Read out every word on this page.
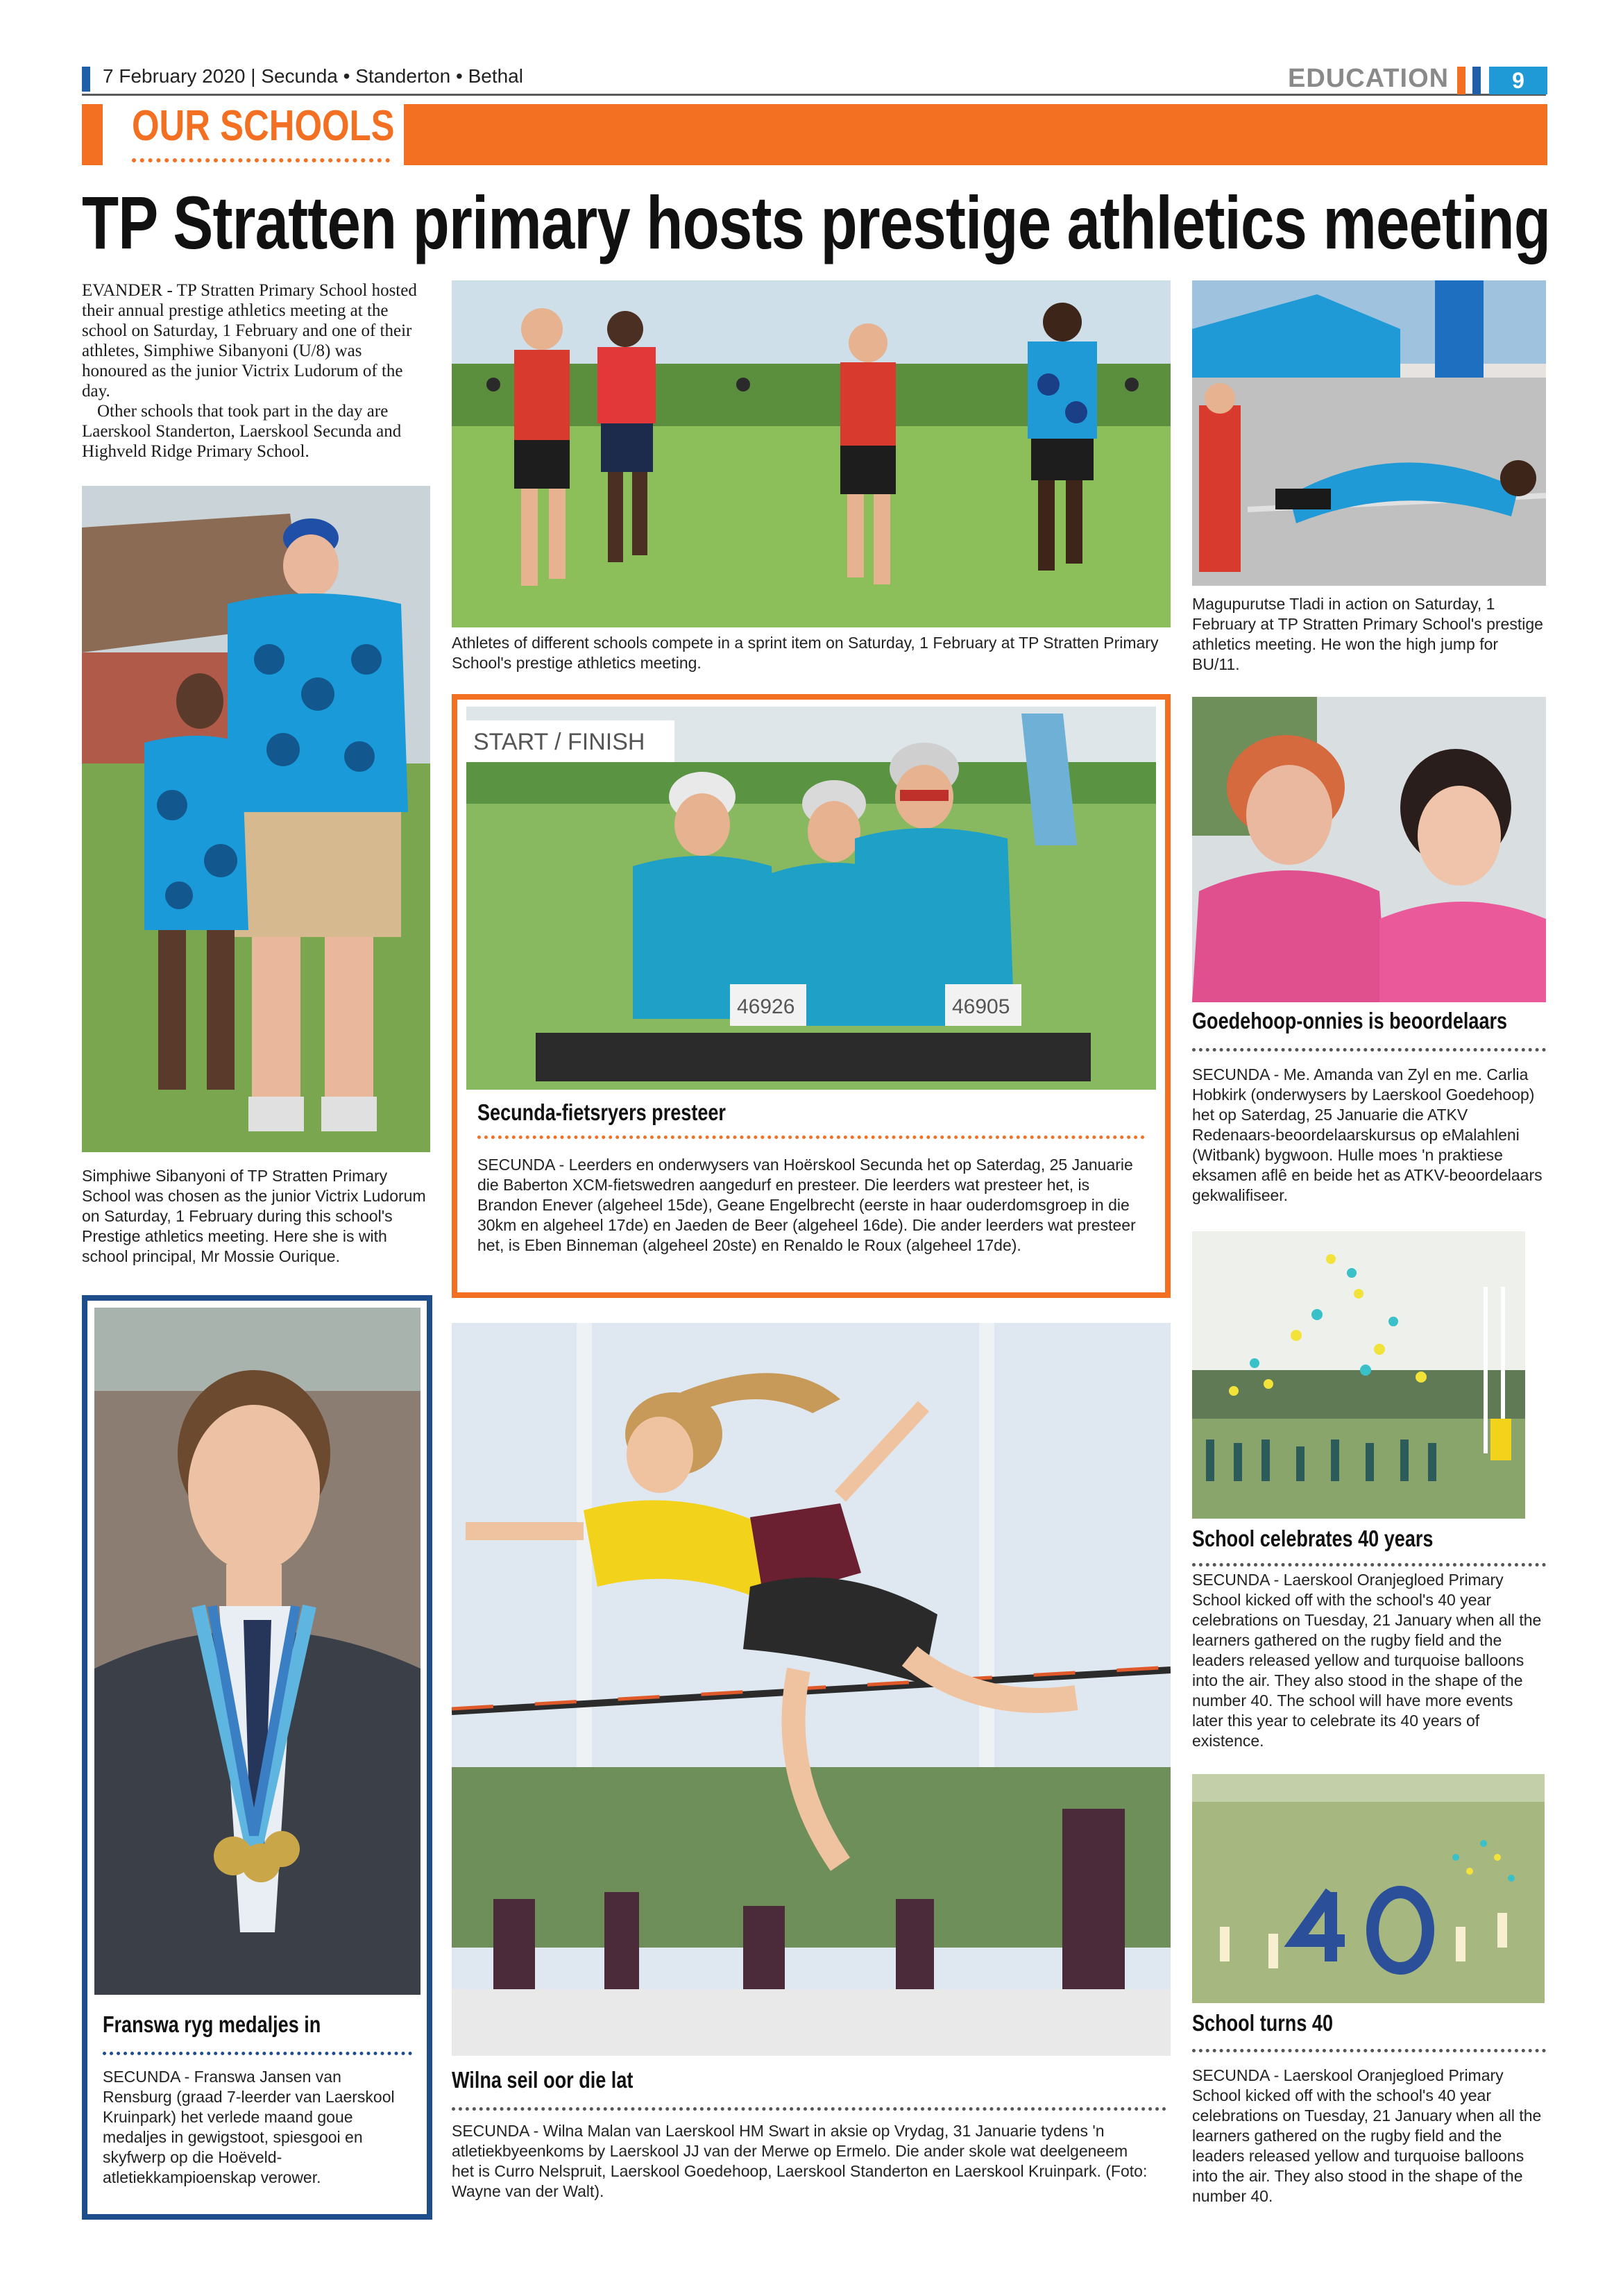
7 February 2020 | Secunda • Standerton • Bethal	EDUCATION	9
OUR SCHOOLS
TP Stratten primary hosts prestige athletics meeting

EVANDER - TP Stratten Primary School hosted their annual prestige athletics meeting at the school on Saturday, 1 February and one of their athletes, Simphiwe Sibanyoni (U/8) was honoured as the junior Victrix Ludorum of the day.

Other schools that took part in the day are Laerskool Standerton, Laerskool Secunda and Highveld Ridge Primary School.

Simphiwe Sibanyoni of TP Stratten Primary School was chosen as the junior Victrix Ludorum on Saturday, 1 February during this school's Prestige athletics meeting. Here she is with school principal, Mr Mossie Ourique.
Athletes of different schools compete in a sprint item on Saturday, 1 February at TP Stratten Primary School's prestige athletics meeting.
Magupurutse Tladi in action on Saturday, 1 February at TP Stratten Primary School's prestige athletics meeting. He won the high jump for BU/11.
START / FINISH
46926	46905
Secunda-fietsryers presteer
SECUNDA - Leerders en onderwysers van Hoërskool Secunda het op Saterdag, 25 Januarie die Baberton XCM-fietswedren aangedurf en presteer. Die leerders wat presteer het, is Brandon Enever (algeheel 15de), Geane Engelbrecht (eerste in haar ouderdomsgroep in die 30km en algeheel 17de) en Jaeden de Beer (algeheel 16de). Die ander leerders wat presteer het, is Eben Binneman (algeheel 20ste) en Renaldo le Roux (algeheel 17de).
Goedehoop-onnies is beoordelaars
SECUNDA - Me. Amanda van Zyl en me. Carlia Hobkirk (onderwysers by Laerskool Goedehoop) het op Saterdag, 25 Januarie die ATKV Redenaars-beoordelaarskursus op eMalahleni (Witbank) bygwoon. Hulle moes 'n praktiese eksamen aflê en beide het as ATKV-beoordelaars gekwalifiseer.
Franswa ryg medaljes in
SECUNDA - Franswa Jansen van Rensburg (graad 7-leerder van Laerskool Kruinpark) het verlede maand goue medaljes in gewigstoot, spiesgooi en skyfwerp op die Hoëveld-atletiekkampioenskap verower.
Wilna seil oor die lat
SECUNDA - Wilna Malan van Laerskool HM Swart in aksie op Vrydag, 31 Januarie tydens 'n atletiekbyeenkoms by Laerskool JJ van der Merwe op Ermelo. Die ander skole wat deelgeneem het is Curro Nelspruit, Laerskool Goedehoop, Laerskool Standerton en Laerskool Kruinpark. (Foto: Wayne van der Walt).
School celebrates 40 years
SECUNDA - Laerskool Oranjegloed Primary School kicked off with the school's 40 year celebrations on Tuesday, 21 January when all the learners gathered on the rugby field and the leaders released yellow and turquoise balloons into the air. They also stood in the shape of the number 40. The school will have more events later this year to celebrate its 40 years of existence.
School turns 40
SECUNDA - Laerskool Oranjegloed Primary School kicked off with the school's 40 year celebrations on Tuesday, 21 January when all the learners gathered on the rugby field and the leaders released yellow and turquoise balloons into the air. They also stood in the shape of the number 40.
